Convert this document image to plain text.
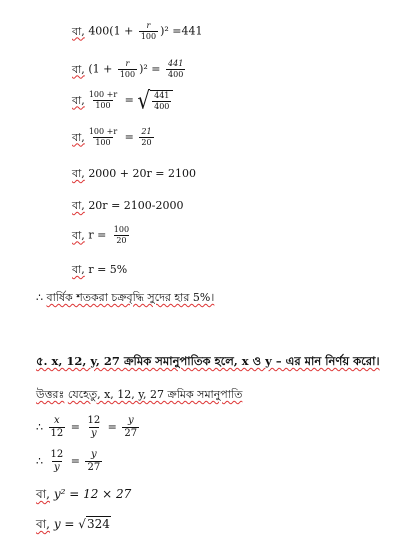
বা, $400(1 + \frac{r}{100} )^2 =441$
বা, $(1 + \frac{r}{100} )^2 = \frac{441}{400}$
বা, $\frac{100 +r}{100}$ = √ $\frac{441}{400}$
বা, $\frac{100 +r}{100} = \frac{21}{20}$
বা, 2000 + 20r = 2100
বা, 20r = 2100-2000
বা, $r = \frac{100}{20}$
বা, r = 5%
∴ বার্ষিক শতকরা চক্রবৃদ্ধি সুদের হার 5%।
৫. x, 12, y, 27 ক্রমিক সমানুপাতিক হলে, x ও y – এর মান নির্ণয় করো।
উত্তরঃ যেহেতু, x, 12, y, 27 ক্রমিক সমানুপাতি
∴ $\frac{x}{12} = \frac{12}{y} = \frac{y}{27}$
∴ $\frac{12}{y} = \frac{y}{27}$
বা, y² = 12 × 27
বা, y = √324
